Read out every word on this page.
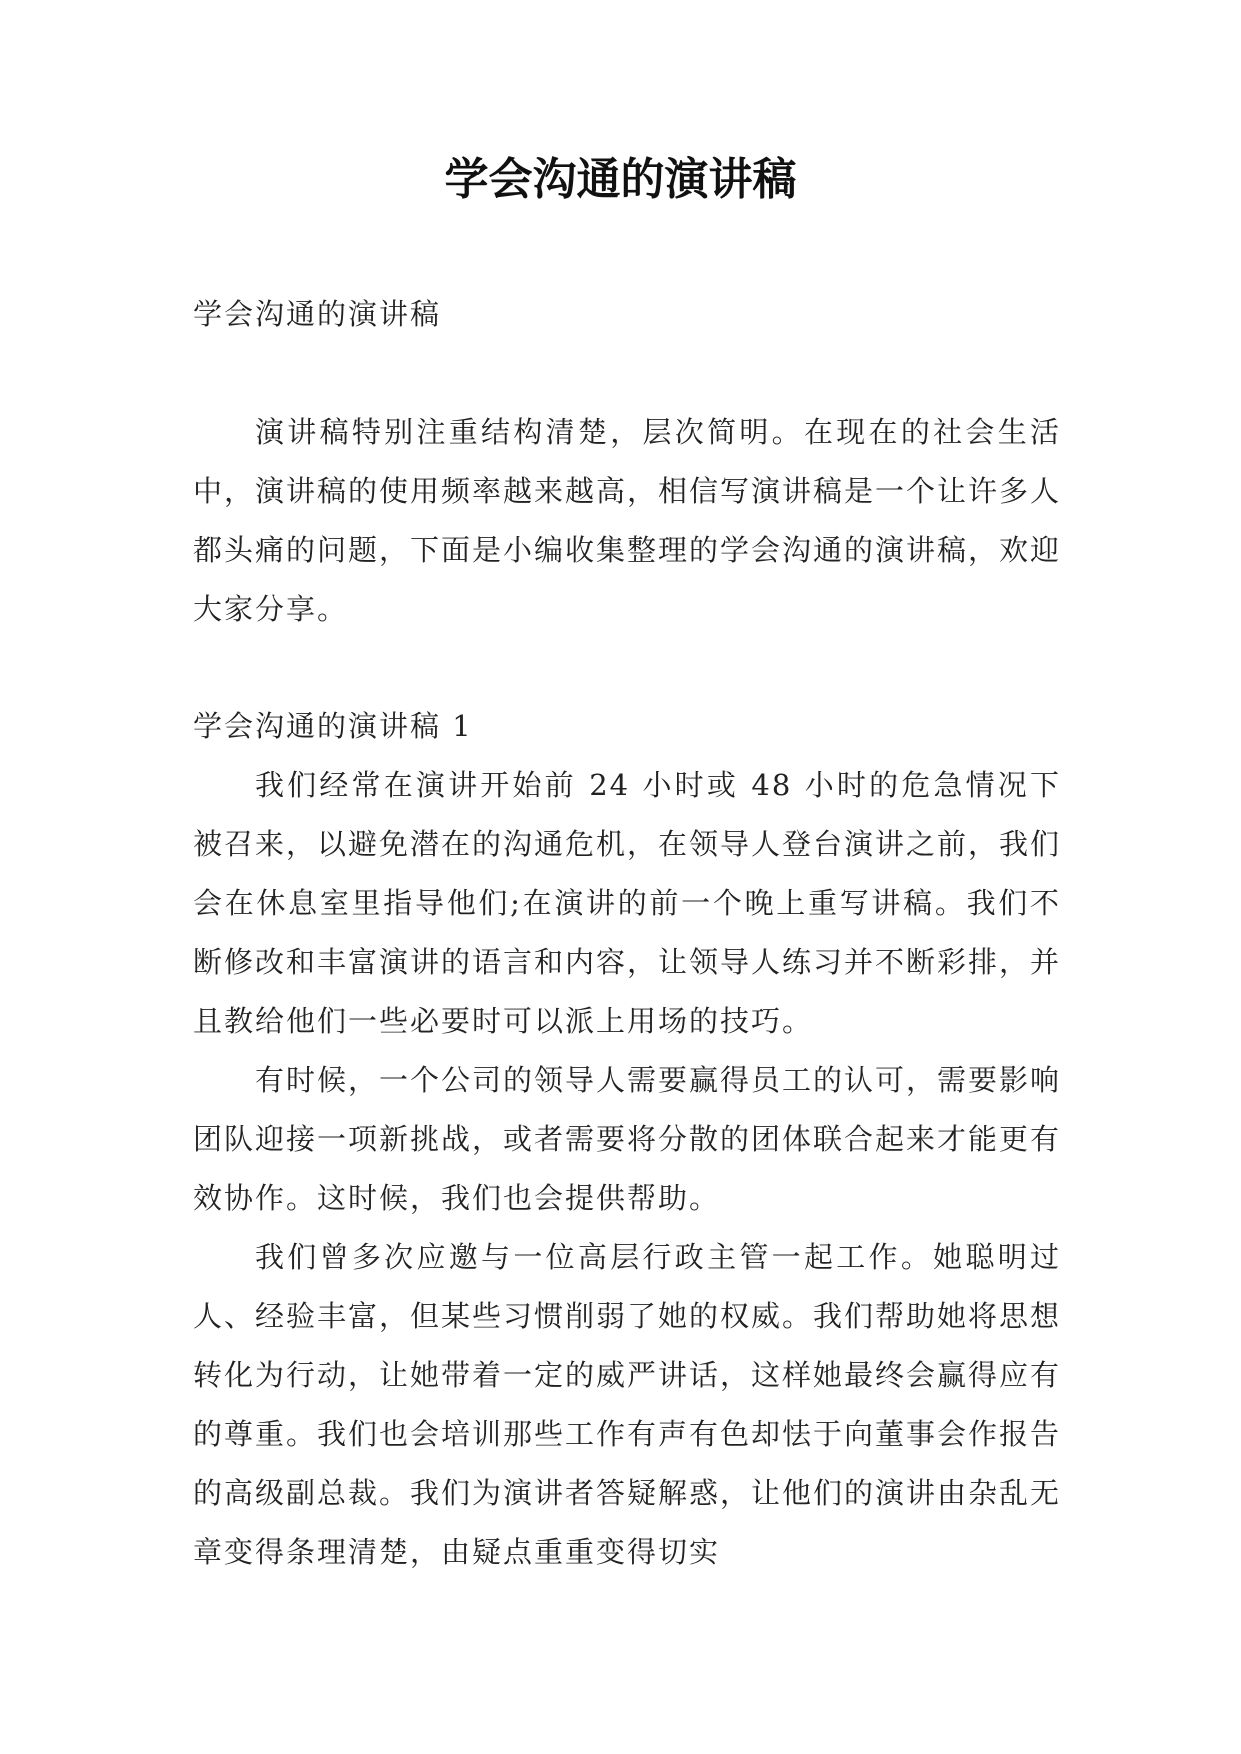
学会沟通的演讲稿
学会沟通的演讲稿

演讲稿特别注重结构清楚，层次简明。在现在的社会生活中，演讲稿的使用频率越来越高，相信写演讲稿是一个让许多人都头痛的问题，下面是小编收集整理的学会沟通的演讲稿，欢迎大家分享。

学会沟通的演讲稿 1

我们经常在演讲开始前 24 小时或 48 小时的危急情况下被召来，以避免潜在的沟通危机，在领导人登台演讲之前，我们会在休息室里指导他们;在演讲的前一个晚上重写讲稿。我们不断修改和丰富演讲的语言和内容，让领导人练习并不断彩排，并且教给他们一些必要时可以派上用场的技巧。

有时候，一个公司的领导人需要赢得员工的认可，需要影响团队迎接一项新挑战，或者需要将分散的团体联合起来才能更有效协作。这时候，我们也会提供帮助。

我们曾多次应邀与一位高层行政主管一起工作。她聪明过人、经验丰富，但某些习惯削弱了她的权威。我们帮助她将思想转化为行动，让她带着一定的威严讲话，这样她最终会赢得应有的尊重。我们也会培训那些工作有声有色却怯于向董事会作报告的高级副总裁。我们为演讲者答疑解惑，让他们的演讲由杂乱无章变得条理清楚，由疑点重重变得切实
